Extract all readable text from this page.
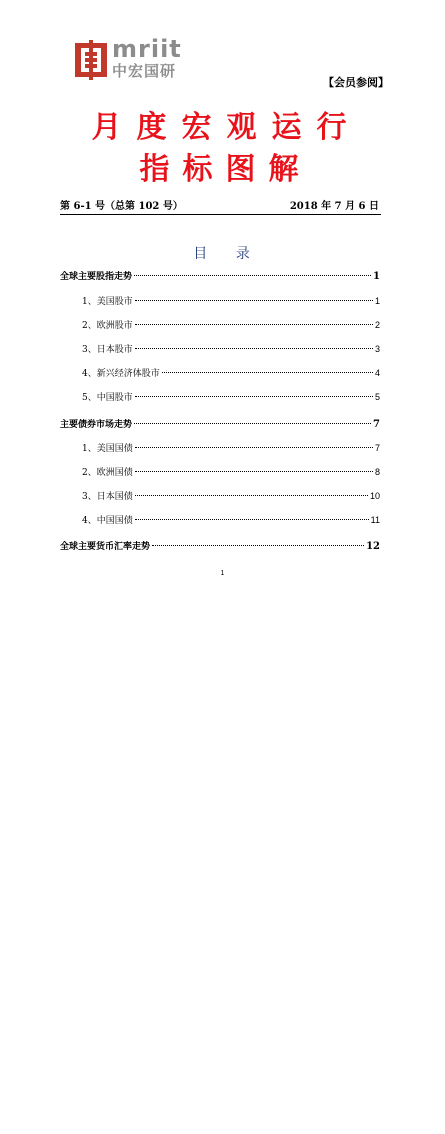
mriit
中宏国研
【会员参阅】
月度宏观运行
指标图解
第 6-1 号（总第 102 号）	2018 年 7 月 6 日
目 录
全球主要股指走势	1
1、美国股市	1
2、欧洲股市	2
3、日本股市	3
4、新兴经济体股市	4
5、中国股市	5
主要债券市场走势	7
1、美国国债	7
2、欧洲国债	8
3、日本国债	10
4、中国国债	11
全球主要货币汇率走势	12
1
